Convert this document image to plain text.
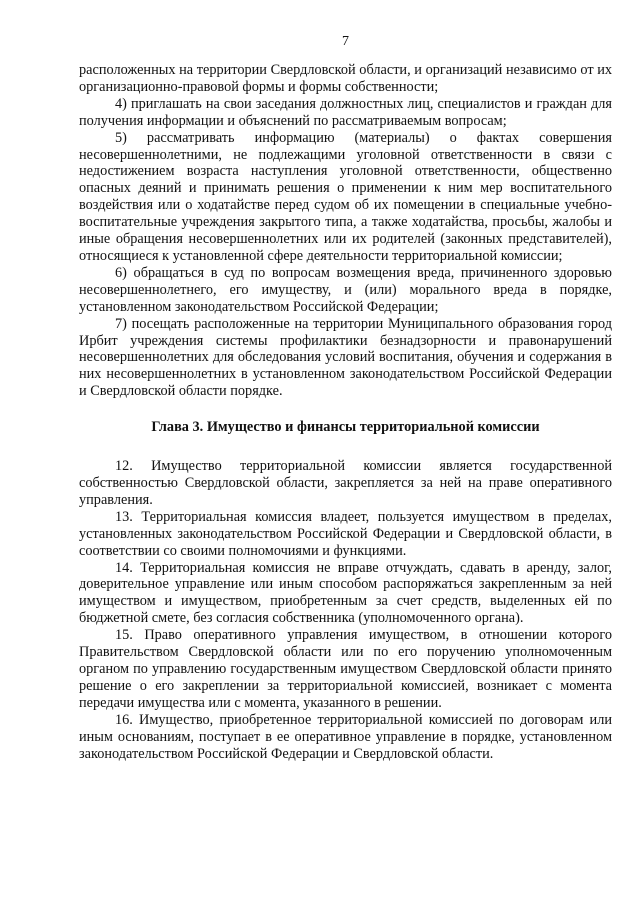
7

расположенных на территории Свердловской области, и организаций независимо от их организационно-правовой формы и формы собственности;

4) приглашать на свои заседания должностных лиц, специалистов и граждан для получения информации и объяснений по рассматриваемым вопросам;

5) рассматривать информацию (материалы) о фактах совершения несовершеннолетними, не подлежащими уголовной ответственности в связи с недостижением возраста наступления уголовной ответственности, общественно опасных деяний и принимать решения о применении к ним мер воспитательного воздействия или о ходатайстве перед судом об их помещении в специальные учебно-воспитательные учреждения закрытого типа, а также ходатайства, просьбы, жалобы и иные обращения несовершеннолетних или их родителей (законных представителей), относящиеся к установленной сфере деятельности территориальной комиссии;

6) обращаться в суд по вопросам возмещения вреда, причиненного здоровью несовершеннолетнего, его имуществу, и (или) морального вреда в порядке, установленном законодательством Российской Федерации;

7) посещать расположенные на территории Муниципального образования город Ирбит учреждения системы профилактики безнадзорности и правонарушений несовершеннолетних для обследования условий воспитания, обучения и содержания в них несовершеннолетних в установленном законодательством Российской Федерации и Свердловской области порядке.

Глава 3. Имущество и финансы территориальной комиссии

12. Имущество территориальной комиссии является государственной собственностью Свердловской области, закрепляется за ней на праве оперативного управления.

13. Территориальная комиссия владеет, пользуется имуществом в пределах, установленных законодательством Российской Федерации и Свердловской области, в соответствии со своими полномочиями и функциями.

14. Территориальная комиссия не вправе отчуждать, сдавать в аренду, залог, доверительное управление или иным способом распоряжаться закрепленным за ней имуществом и имуществом, приобретенным за счет средств, выделенных ей по бюджетной смете, без согласия собственника (уполномоченного органа).

15. Право оперативного управления имуществом, в отношении которого Правительством Свердловской области или по его поручению уполномоченным органом по управлению государственным имуществом Свердловской области принято решение о его закреплении за территориальной комиссией, возникает с момента передачи имущества или с момента, указанного в решении.

16. Имущество, приобретенное территориальной комиссией по договорам или иным основаниям, поступает в ее оперативное управление в порядке, установленном законодательством Российской Федерации и Свердловской области.
